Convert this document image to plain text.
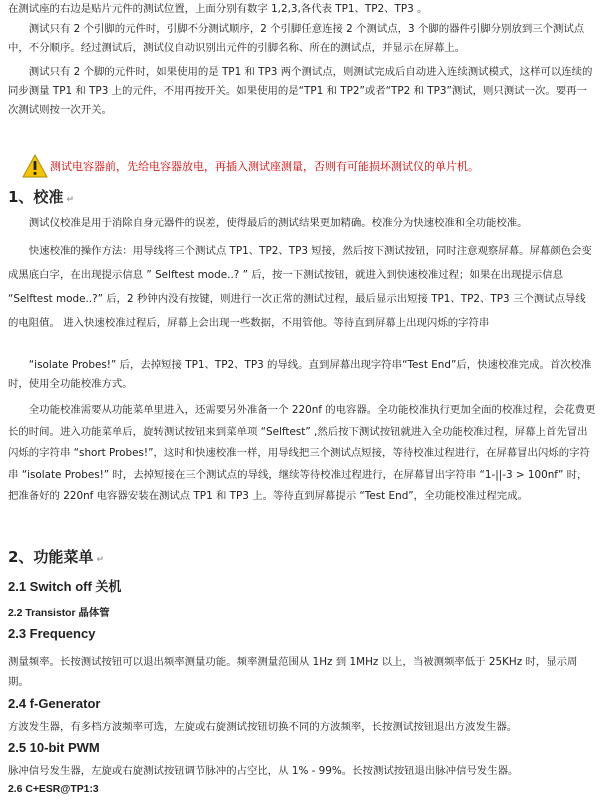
在测试座的右边是贴片元件的测试位置，上面分别有数字 1,2,3,各代表 TP1、TP2、TP3 。

测试只有 2 个引脚的元件时，引脚不分测试顺序，2 个引脚任意连接 2 个测试点，3 个脚的器件引脚分别放到三个测试点中，不分顺序。经过测试后，测试仪自动识别出元件的引脚名称、所在的测试点，并显示在屏幕上。

测试只有 2 个脚的元件时，如果使用的是 TP1 和 TP3 两个测试点，则测试完成后自动进入连续测试模式，这样可以连续的同步测量 TP1 和 TP3 上的元件，不用再按开关。如果使用的是“TP1 和 TP2”或者“TP2 和 TP3”测试，则只测试一次。要再一次测试则按一次开关。

测试电容器前，先给电容器放电，再插入测试座测量，否则有可能损坏测试仪的单片机。
1、校准 ↵

测试仪校准是用于消除自身元器件的误差，使得最后的测试结果更加精确。校准分为快速校准和全功能校准。

快速校准的操作方法：用导线将三个测试点 TP1、TP2、TP3 短接，然后按下测试按钮，同时注意观察屏幕。屏幕颜色会变成黑底白字，在出现提示信息 ” Selftest mode..? ” 后，按一下测试按钮，就进入到快速校准过程；如果在出现提示信息 “Selftest mode..?” 后，2 秒钟内没有按键，则进行一次正常的测试过程，最后显示出短接 TP1、TP2、TP3 三个测试点导线的电阻值。 进入快速校准过程后，屏幕上会出现一些数据，不用管他。等待直到屏幕上出现闪烁的字符串

“isolate Probes!” 后，去掉短接 TP1、TP2、TP3 的导线。直到屏幕出现字符串“Test End”后，快速校准完成。首次校准时，使用全功能校准方式。

全功能校准需要从功能菜单里进入，还需要另外准备一个 220nf 的电容器。全功能校准执行更加全面的校准过程，会花费更长的时间。进入功能菜单后，旋转测试按钮来到菜单项 “Selftest” ,然后按下测试按钮就进入全功能校准过程，屏幕上首先冒出闪烁的字符串 “short Probes!”，这时和快速校准一样，用导线把三个测试点短接，等待校准过程进行，在屏幕冒出闪烁的字符串 “isolate Probes!” 时，去掉短接在三个测试点的导线，继续等待校准过程进行，在屏幕冒出字符串 “1-||-3 > 100nf” 时，把准备好的 220nf 电容器安装在测试点 TP1 和 TP3 上。等待直到屏幕提示 “Test End”，全功能校准过程完成。

2、功能菜单 ↵
2.1 Switch off 关机
2.2 Transistor 晶体管
2.3 Frequency

测量频率。长按测试按钮可以退出频率测量功能。频率测量范围从 1Hz 到 1MHz 以上，当被测频率低于 25KHz 时，显示周期。

2.4 f-Generator

方波发生器，有多档方波频率可选，左旋或右旋测试按钮切换不同的方波频率，长按测试按钮退出方波发生器。

2.5 10-bit PWM

脉冲信号发生器，左旋或右旋测试按钮调节脉冲的占空比，从 1% - 99%。长按测试按钮退出脉冲信号发生器。

2.6 C+ESR@TP1:3
